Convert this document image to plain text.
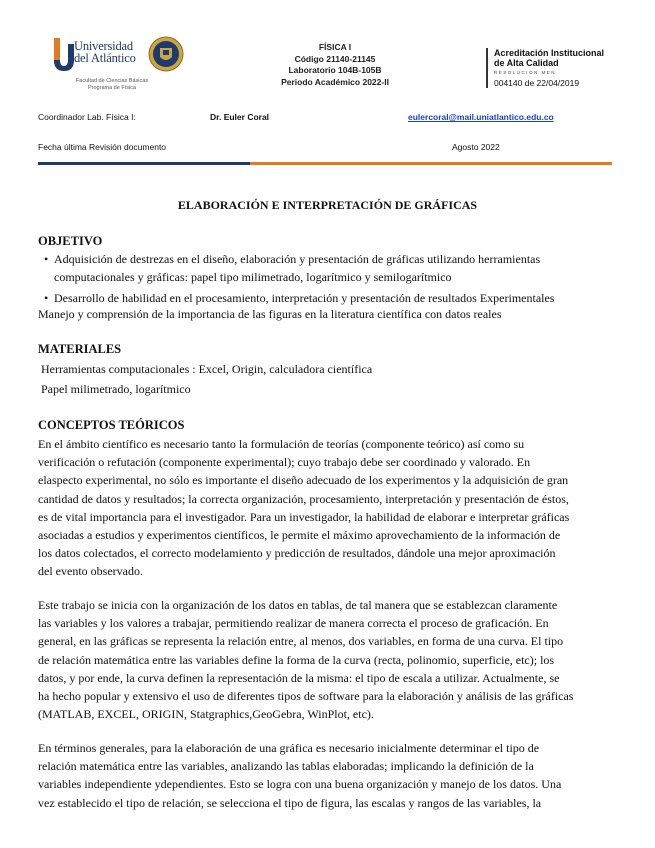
Universidad
del Atlántico
Facultad de Ciencias Básicas
Programa de Física
FÍSICA I
Código 21140-21145
Laboratorio 104B-105B
Periodo Académico 2022-II
Acreditación Institucional
de Alta Calidad
RESOLUCIÓN MEN
004140 de 22/04/2019
Coordinador Lab. Física I:	Dr. Euler Coral	eulercoral@mail.uniatlantico.edu.co
Fecha última Revisión documento	Agosto 2022
ELABORACIÓN E INTERPRETACIÓN DE GRÁFICAS
OBJETIVO
• Adquisición de destrezas en el diseño, elaboración y presentación de gráficas utilizando herramientas
computacionales y gráficas: papel tipo milimetrado, logarítmico y semilogarítmico
• Desarrollo de habilidad en el procesamiento, interpretación y presentación de resultados Experimentales
Manejo y comprensión de la importancia de las figuras en la literatura científica con datos reales
MATERIALES
Herramientas computacionales : Excel, Origin, calculadora científica
Papel milimetrado, logarítmico
CONCEPTOS TEÓRICOS
En el ámbito científico es necesario tanto la formulación de teorías (componente teórico) así como su
verificación o refutación (componente experimental); cuyo trabajo debe ser coordinado y valorado. En
elaspecto experimental, no sólo es importante el diseño adecuado de los experimentos y la adquisición de gran
cantidad de datos y resultados; la correcta organización, procesamiento, interpretación y presentación de éstos,
es de vital importancia para el investigador. Para un investigador, la habilidad de elaborar e interpretar gráficas
asociadas a estudios y experimentos científicos, le permite el máximo aprovechamiento de la información de
los datos colectados, el correcto modelamiento y predicción de resultados, dándole una mejor aproximación
del evento observado.
Este trabajo se inicia con la organización de los datos en tablas, de tal manera que se establezcan claramente
las variables y los valores a trabajar, permitiendo realizar de manera correcta el proceso de graficación. En
general, en las gráficas se representa la relación entre, al menos, dos variables, en forma de una curva. El tipo
de relación matemática entre las variables define la forma de la curva (recta, polinomio, superficie, etc); los
datos, y por ende, la curva definen la representación de la misma: el tipo de escala a utilizar. Actualmente, se
ha hecho popular y extensivo el uso de diferentes tipos de software para la elaboración y análisis de las gráficas
(MATLAB, EXCEL, ORIGIN, Statgraphics,GeoGebra, WinPlot, etc).
En términos generales, para la elaboración de una gráfica es necesario inicialmente determinar el tipo de
relación matemática entre las variables, analizando las tablas elaboradas; implicando la definición de la
variables independiente ydependientes. Esto se logra con una buena organización y manejo de los datos. Una
vez establecido el tipo de relación, se selecciona el tipo de figura, las escalas y rangos de las variables, la
